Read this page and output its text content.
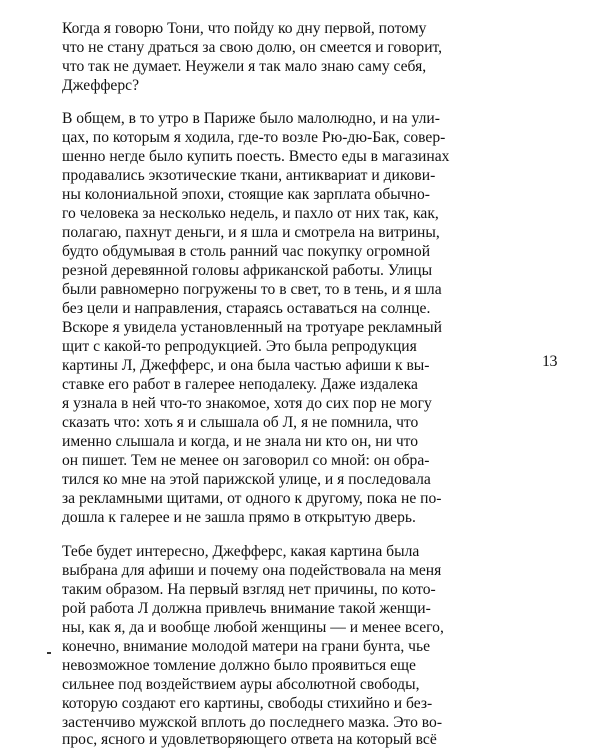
Когда я говорю Тони, что пойду ко дну первой, потому
что не стану драться за свою долю, он смеется и говорит,
что так не думает. Неужели я так мало знаю саму себя,
Джефферс?
В общем, в то утро в Париже было малолюдно, и на ули-
цах, по которым я ходила, где-то возле Рю-дю-Бак, совер-
шенно негде было купить поесть. Вместо еды в магазинах
продавались экзотические ткани, антиквариат и дикови-
ны колониальной эпохи, стоящие как зарплата обычно-
го человека за несколько недель, и пахло от них так, как,
полагаю, пахнут деньги, и я шла и смотрела на витрины,
будто обдумывая в столь ранний час покупку огромной
резной деревянной головы африканской работы. Улицы
были равномерно погружены то в свет, то в тень, и я шла
без цели и направления, стараясь оставаться на солнце.
Вскоре я увидела установленный на тротуаре рекламный
щит с какой-то репродукцией. Это была репродукция
картины Л, Джефферс, и она была частью афиши к вы-
ставке его работ в галерее неподалеку. Даже издалека
я узнала в ней что-то знакомое, хотя до сих пор не могу
сказать что: хоть я и слышала об Л, я не помнила, что
именно слышала и когда, и не знала ни кто он, ни что
он пишет. Тем не менее он заговорил со мной: он обра-
тился ко мне на этой парижской улице, и я последовала
за рекламными щитами, от одного к другому, пока не по-
дошла к галерее и не зашла прямо в открытую дверь.
Тебе будет интересно, Джефферс, какая картина была
выбрана для афиши и почему она подействовала на меня
таким образом. На первый взгляд нет причины, по кото-
рой работа Л должна привлечь внимание такой женщи-
ны, как я, да и вообще любой женщины — и менее всего,
конечно, внимание молодой матери на грани бунта, чье
невозможное томление должно было проявиться еще
сильнее под воздействием ауры абсолютной свободы,
которую создают его картины, свободы стихийно и без-
застенчиво мужской вплоть до последнего мазка. Это во-
прос, ясного и удовлетворяющего ответа на который всё
13
